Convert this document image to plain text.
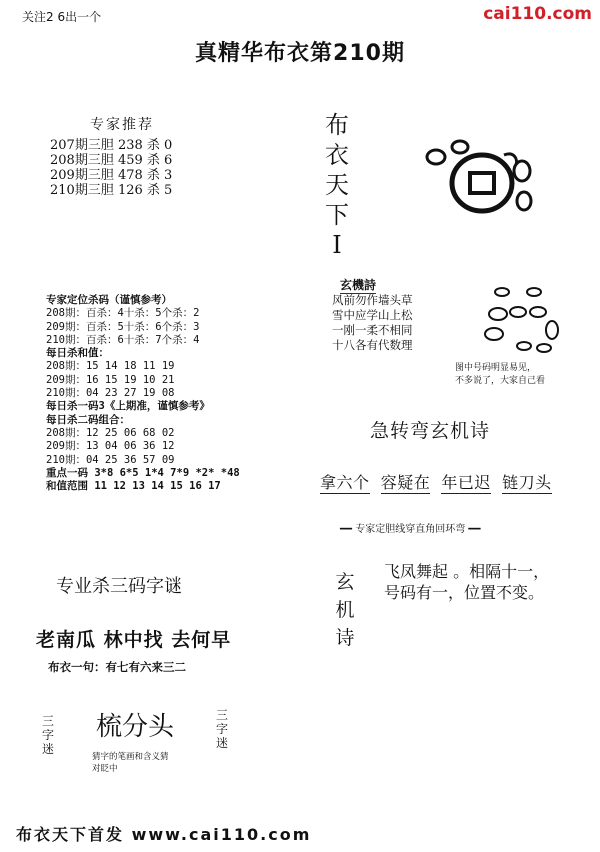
关注2 6出一个	cai110.com
真精华布衣第210期
专家推荐
207期三胆 238 杀 0
208期三胆 459 杀 6
209期三胆 478 杀 3
210期三胆 126 杀 5
布
衣
天
下
I
玄機詩
风前勿作墙头草
雪中应学山上松
一刚一柔不相同
十八各有代数理
图中号码明显易见，
不多说了，大家自己看
专家定位杀码（谨慎参考）
208期：百杀：4十杀：5个杀：2
209期：百杀：5十杀：6个杀：3
210期：百杀：6十杀：7个杀：4
每日杀和值：
208期：15 14 18 11 19
209期：16 15 19 10 21
210期：04 23 27 19 08
每日杀一码3《上期准，谨慎参考》
每日杀二码组合：
208期：12 25 06 68 02
209期：13 04 06 36 12
210期：04 25 36 57 09
重点一码 3*8 6*5 1*4 7*9 *2* *48
和值范围 11 12 13 14 15 16 17
急转弯玄机诗
拿六个 容疑在 年已迟 链刀头
━━ 专家定胆线穿直角回环弯 ━━
玄
机
诗
飞凤舞起 。相隔十一，
号码有一，位置不变。
专业杀三码字谜
老南瓜 林中找 去何早
布衣一句：有七有六来三二
三
字
迷
梳分头	三
字
迷
猜字的笔画和含义猜
对眨中
布衣天下首发 www.cai110.com
